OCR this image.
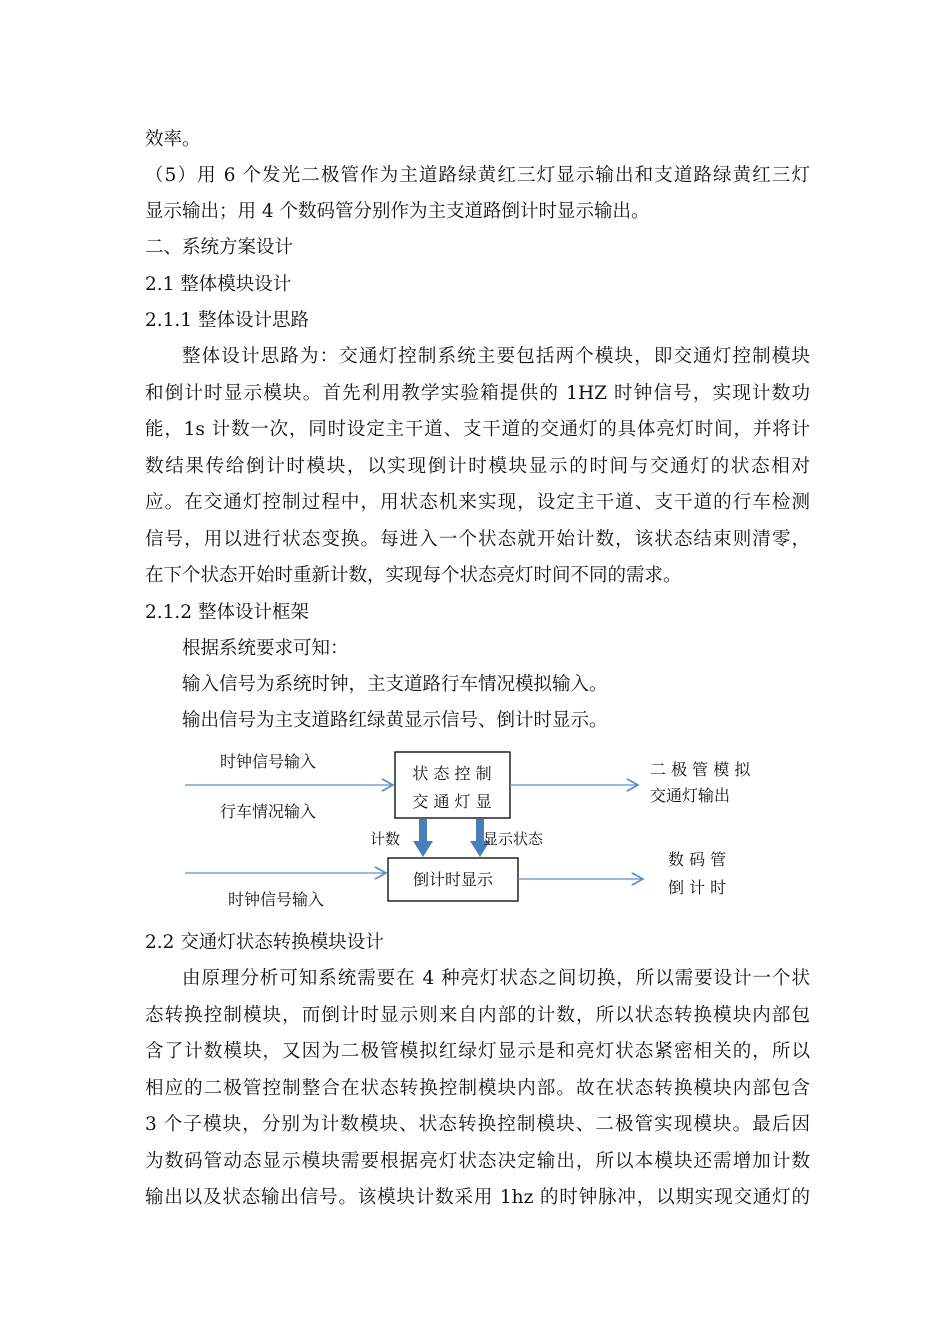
效率。
（5）用 6 个发光二极管作为主道路绿黄红三灯显示输出和支道路绿黄红三灯
显示输出；用 4 个数码管分别作为主支道路倒计时显示输出。
二、系统方案设计
2.1 整体模块设计
2.1.1 整体设计思路
整体设计思路为：交通灯控制系统主要包括两个模块，即交通灯控制模块
和倒计时显示模块。首先利用教学实验箱提供的 1HZ 时钟信号，实现计数功
能，1s 计数一次，同时设定主干道、支干道的交通灯的具体亮灯时间，并将计
数结果传给倒计时模块，以实现倒计时模块显示的时间与交通灯的状态相对
应。在交通灯控制过程中，用状态机来实现，设定主干道、支干道的行车检测
信号，用以进行状态变换。每进入一个状态就开始计数，该状态结束则清零，
在下个状态开始时重新计数，实现每个状态亮灯时间不同的需求。
2.1.2 整体设计框架
根据系统要求可知：
输入信号为系统时钟，主支道路行车情况模拟输入。
输出信号为主支道路红绿黄显示信号、倒计时显示。
时钟信号输入
行车情况输入
状 态 控 制
交 通 灯 显
二 极 管 模 拟
交通灯输出
计数	显示状态
倒计时显示
时钟信号输入
数 码 管
倒 计 时
2.2 交通灯状态转换模块设计
由原理分析可知系统需要在 4 种亮灯状态之间切换，所以需要设计一个状
态转换控制模块，而倒计时显示则来自内部的计数，所以状态转换模块内部包
含了计数模块，又因为二极管模拟红绿灯显示是和亮灯状态紧密相关的，所以
相应的二极管控制整合在状态转换控制模块内部。故在状态转换模块内部包含
3 个子模块，分别为计数模块、状态转换控制模块、二极管实现模块。最后因
为数码管动态显示模块需要根据亮灯状态决定输出，所以本模块还需增加计数
输出以及状态输出信号。该模块计数采用 1hz 的时钟脉冲，以期实现交通灯的
